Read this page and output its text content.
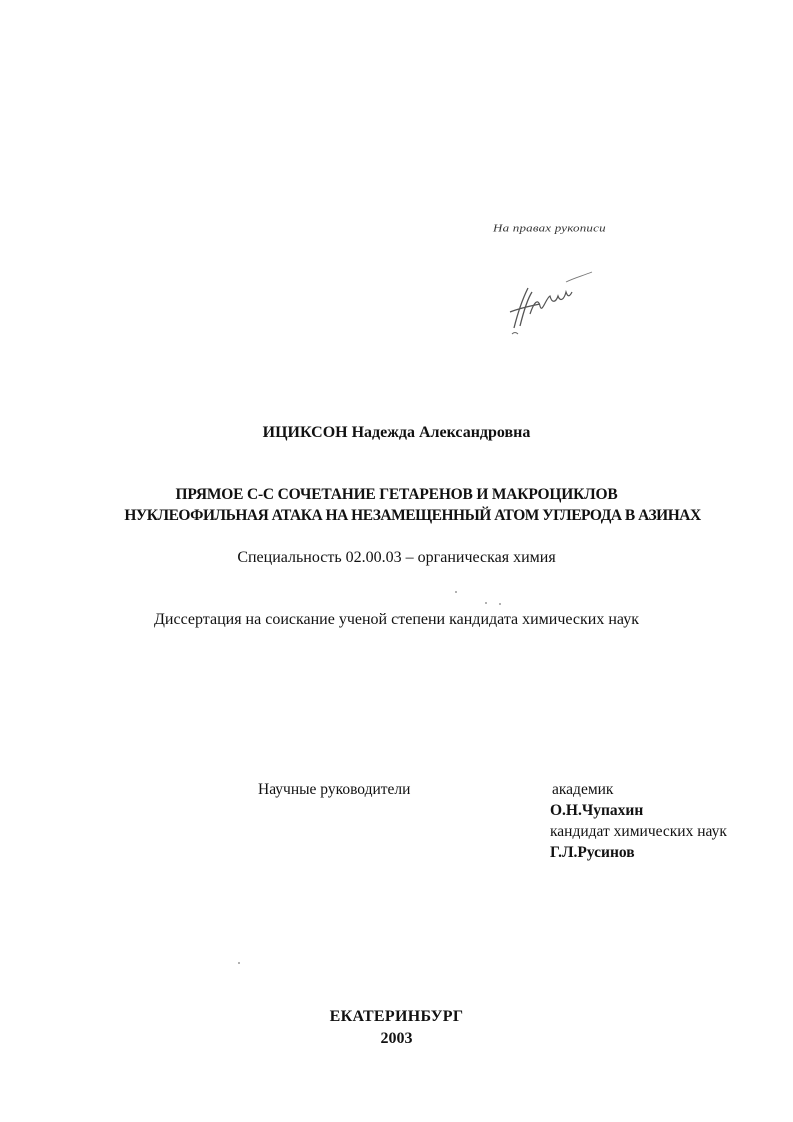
На правах рукописи
ИЦИКСОН Надежда Александровна
ПРЯМОЕ С-С СОЧЕТАНИЕ ГЕТАРЕНОВ И МАКРОЦИКЛОВ
НУКЛЕОФИЛЬНАЯ АТАКА НА НЕЗАМЕЩЕННЫЙ АТОМ УГЛЕРОДА В АЗИНАХ
Специальность 02.00.03 – органическая химия
Диссертация на соискание ученой степени кандидата химических наук
Научные руководители	академик
О.Н.Чупахин
кандидат химических наук
Г.Л.Русинов
ЕКАТЕРИНБУРГ
2003
